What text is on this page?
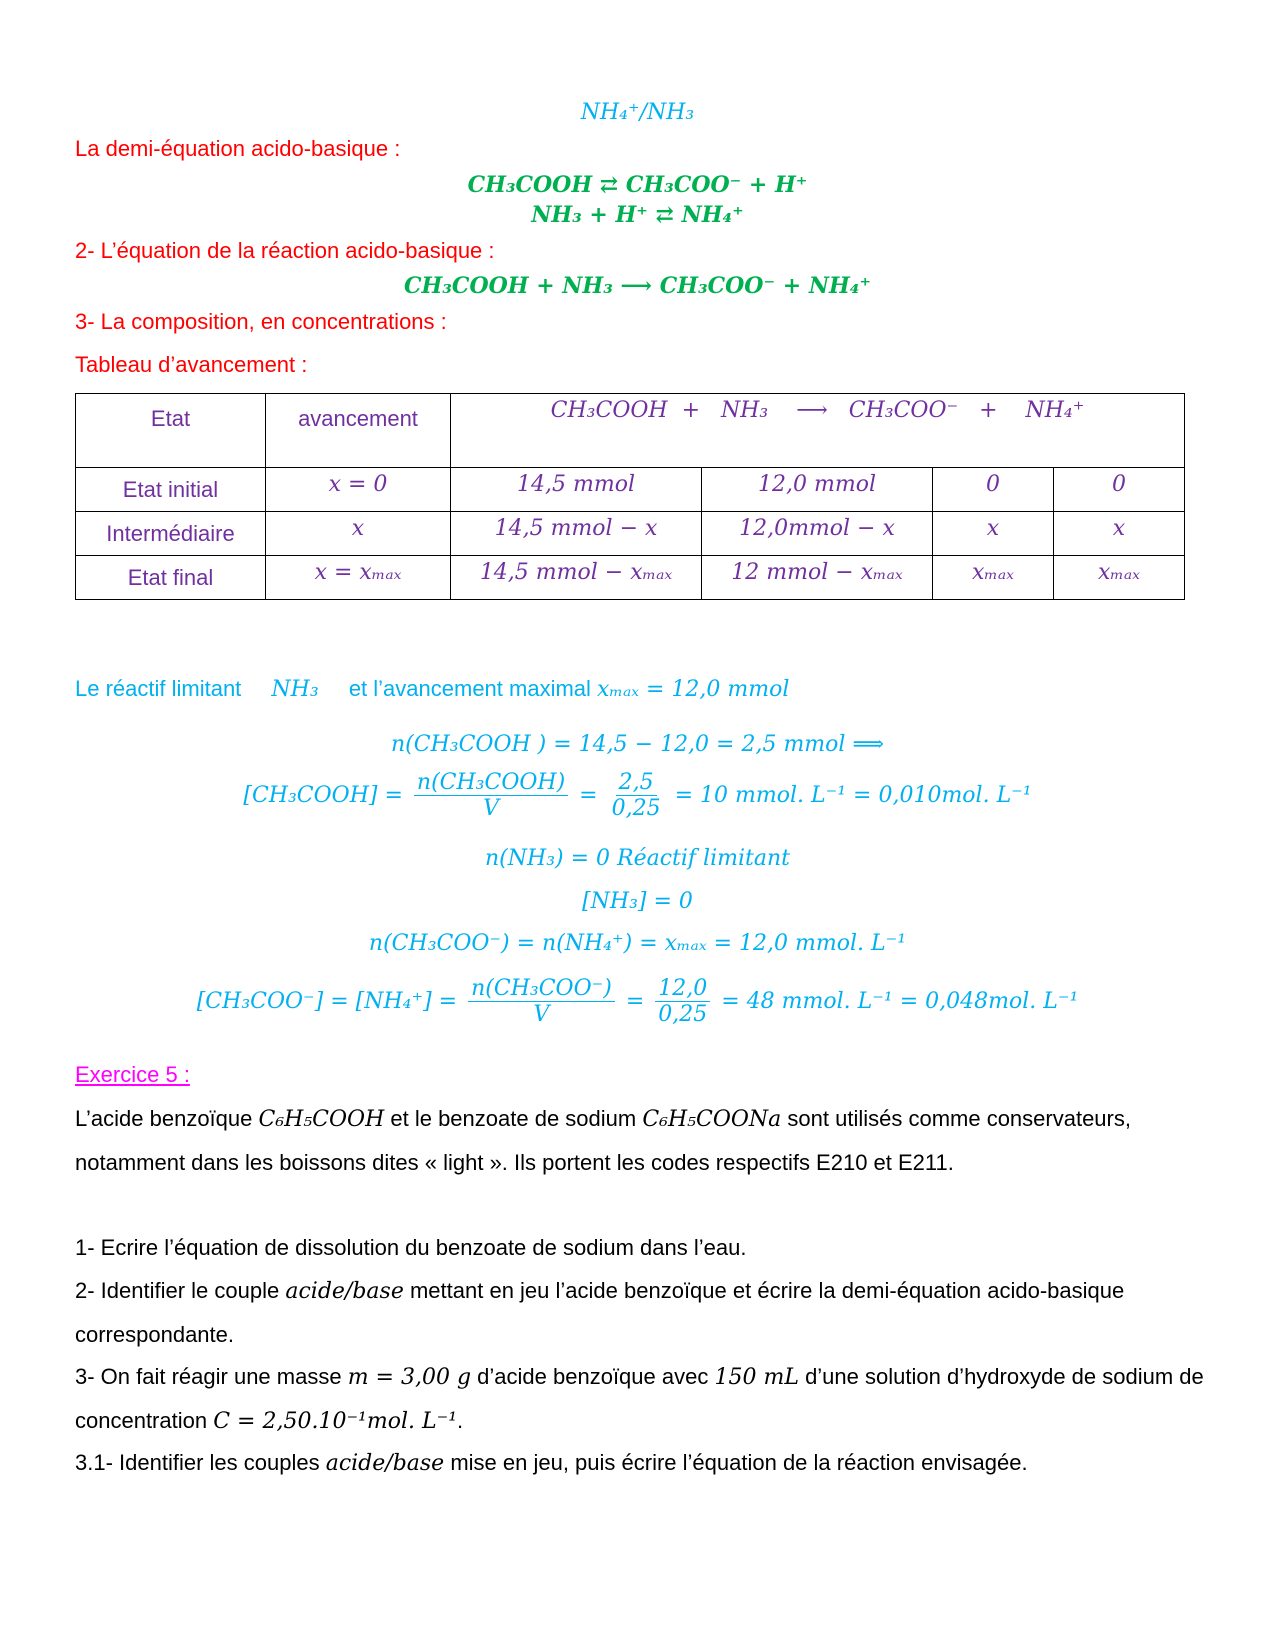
NH₄⁺/NH₃
La demi-équation acido-basique :
CH₃COOH ⇄ CH₃COO⁻ + H⁺
NH₃ + H⁺ ⇄ NH₄⁺
2- L’équation de la réaction acido-basique :
CH₃COOH + NH₃ ⟶ CH₃COO⁻ + NH₄⁺
3- La composition, en concentrations :
Tableau d’avancement :
Etat	avancement	CH₃COOH  +   NH₃    ⟶   CH₃COO⁻   +    NH₄⁺			
Etat initial	x = 0	14,5 mmol	12,0 mmol	0	0
Intermédiaire	x	14,5 mmol − x	12,0mmol − x	x	x
Etat final	x = xₘₐₓ	14,5 mmol − xₘₐₓ	12 mmol − xₘₐₓ	xₘₐₓ	xₘₐₓ
Le réactif limitant NH₃ et l’avancement maximal xₘₐₓ = 12,0 mmol
n(CH₃COOH ) = 14,5 − 12,0 = 2,5 mmol ⟹
[CH₃COOH] = $\frac{\text{n(CH₃COOH)}}{V} = \frac{2,5}{0,25} = 10$ mmol. L⁻¹ = 0,010mol. L⁻¹
n(NH₃) = 0 Réactif limitant
[NH₃] = 0
n(CH₃COO⁻) = n(NH₄⁺) = xₘₐₓ = 12,0 mmol. L⁻¹
$[CH_3COO^-] = [NH_4^+] = \frac{\text{n(CH₃COO⁻)}}{V} = \frac{12,0}{0,25} = 48$ mmol. L⁻¹ = 0,048mol. L⁻¹
Exercice 5 :

L’acide benzoïque C₆H₅COOH et le benzoate de sodium C₆H₅COONa sont utilisés comme conservateurs, notamment dans les boissons dites « light ». Ils portent les codes respectifs E210 et E211.

1- Ecrire l’équation de dissolution du benzoate de sodium dans l’eau.

2- Identifier le couple acide/base mettant en jeu l’acide benzoïque et écrire la demi-équation acido-basique correspondante.

3- On fait réagir une masse m = 3,00 g d’acide benzoïque avec 150 mL d’une solution d’hydroxyde de sodium de concentration C = 2,50.10⁻¹mol. L⁻¹.

3.1- Identifier les couples acide/base mise en jeu, puis écrire l’équation de la réaction envisagée.
